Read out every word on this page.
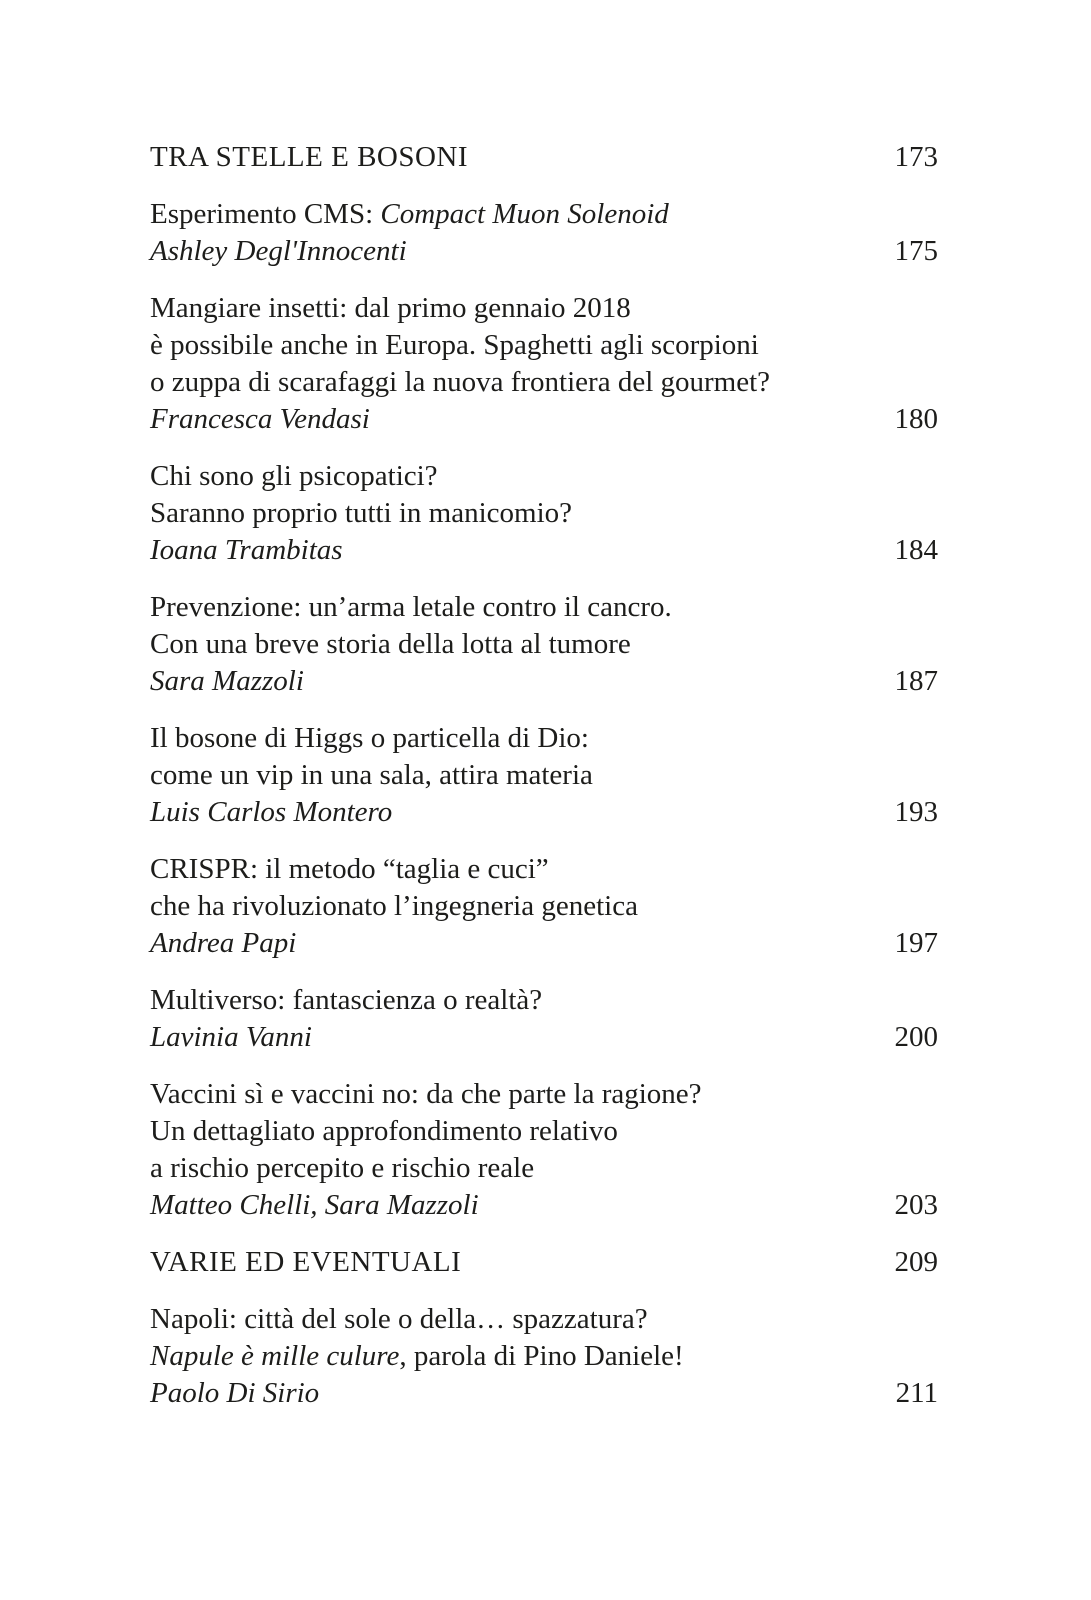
TRA STELLE E BOSONI	173
Esperimento CMS: Compact Muon Solenoid
Ashley Degl'Innocenti	175
Mangiare insetti: dal primo gennaio 2018
è possibile anche in Europa. Spaghetti agli scorpioni
o zuppa di scarafaggi la nuova frontiera del gourmet?
Francesca Vendasi	180
Chi sono gli psicopatici?
Saranno proprio tutti in manicomio?
Ioana Trambitas	184
Prevenzione: un’arma letale contro il cancro.
Con una breve storia della lotta al tumore
Sara Mazzoli	187
Il bosone di Higgs o particella di Dio:
come un vip in una sala, attira materia
Luis Carlos Montero	193
CRISPR: il metodo “taglia e cuci”
che ha rivoluzionato l’ingegneria genetica
Andrea Papi	197
Multiverso: fantascienza o realtà?
Lavinia Vanni	200
Vaccini sì e vaccini no: da che parte la ragione?
Un dettagliato approfondimento relativo
a rischio percepito e rischio reale
Matteo Chelli, Sara Mazzoli	203
VARIE ED EVENTUALI	209
Napoli: città del sole o della… spazzatura?
Napule è mille culure, parola di Pino Daniele!
Paolo Di Sirio	211
